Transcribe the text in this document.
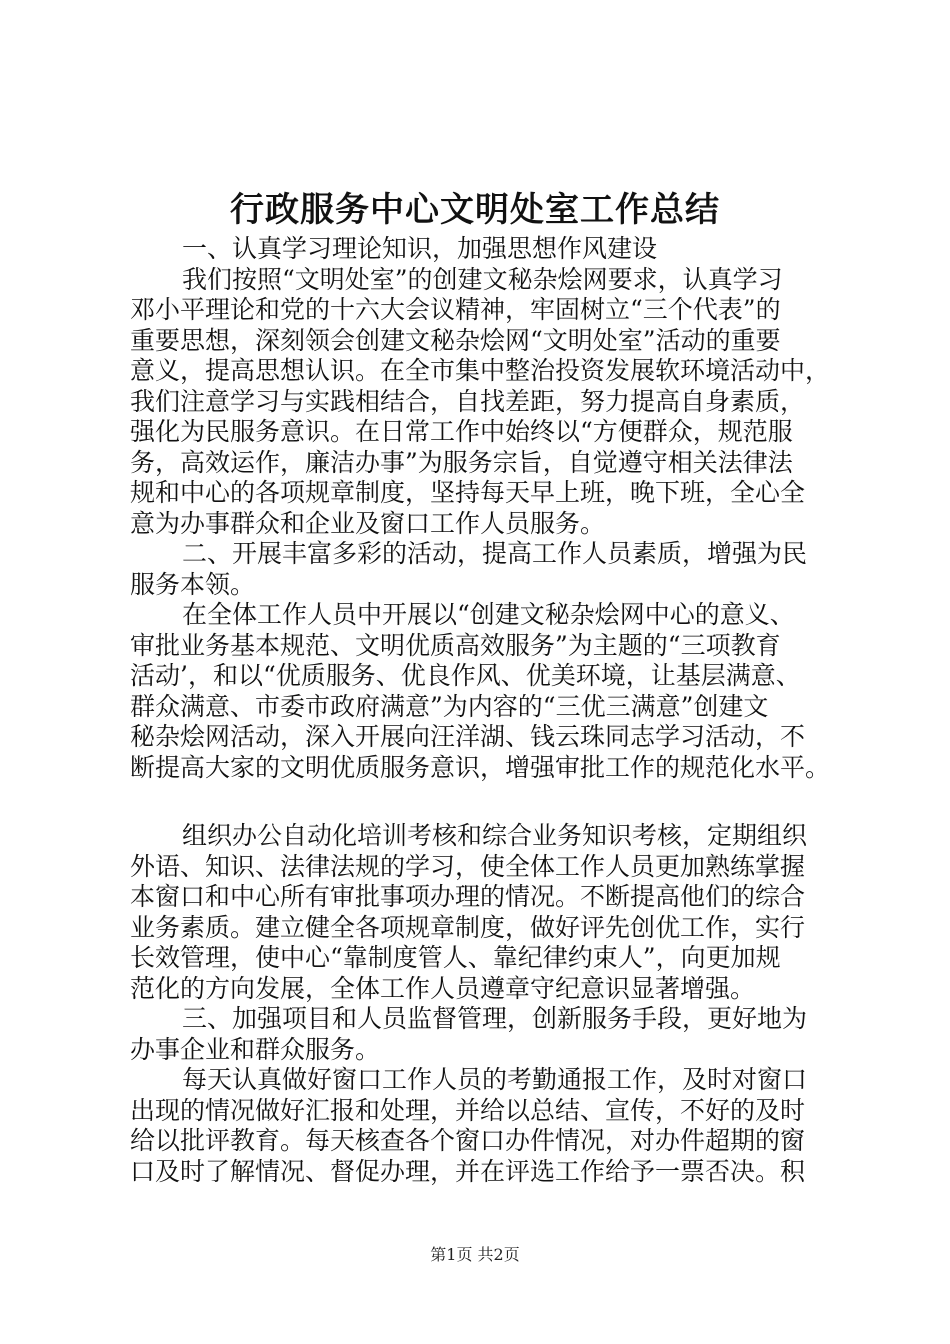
行政服务中心文明处室工作总结
一、认真学习理论知识，加强思想作风建设
我们按照“文明处室”的创建文秘杂烩网要求，认真学习
邓小平理论和党的十六大会议精神，牢固树立“三个代表”的
重要思想，深刻领会创建文秘杂烩网“文明处室”活动的重要
意义，提高思想认识。在全市集中整治投资发展软环境活动中，
我们注意学习与实践相结合，自找差距，努力提高自身素质，
强化为民服务意识。在日常工作中始终以“方便群众，规范服
务，高效运作，廉洁办事”为服务宗旨，自觉遵守相关法律法
规和中心的各项规章制度，坚持每天早上班，晚下班，全心全
意为办事群众和企业及窗口工作人员服务。
二、开展丰富多彩的活动，提高工作人员素质，增强为民
服务本领。
在全体工作人员中开展以“创建文秘杂烩网中心的意义、
审批业务基本规范、文明优质高效服务”为主题的“三项教育
活动’，和以“优质服务、优良作风、优美环境，让基层满意、
群众满意、市委市政府满意”为内容的“三优三满意”创建文
秘杂烩网活动，深入开展向汪洋湖、钱云珠同志学习活动，不
断提高大家的文明优质服务意识，增强审批工作的规范化水平。
组织办公自动化培训考核和综合业务知识考核，定期组织
外语、知识、法律法规的学习，使全体工作人员更加熟练掌握
本窗口和中心所有审批事项办理的情况。不断提高他们的综合
业务素质。建立健全各项规章制度，做好评先创优工作，实行
长效管理，使中心“靠制度管人、靠纪律约束人”，向更加规
范化的方向发展，全体工作人员遵章守纪意识显著增强。
三、加强项目和人员监督管理，创新服务手段，更好地为
办事企业和群众服务。
每天认真做好窗口工作人员的考勤通报工作，及时对窗口
出现的情况做好汇报和处理，并给以总结、宣传，不好的及时
给以批评教育。每天核查各个窗口办件情况，对办件超期的窗
口及时了解情况、督促办理，并在评选工作给予一票否决。积
第1页 共2页
